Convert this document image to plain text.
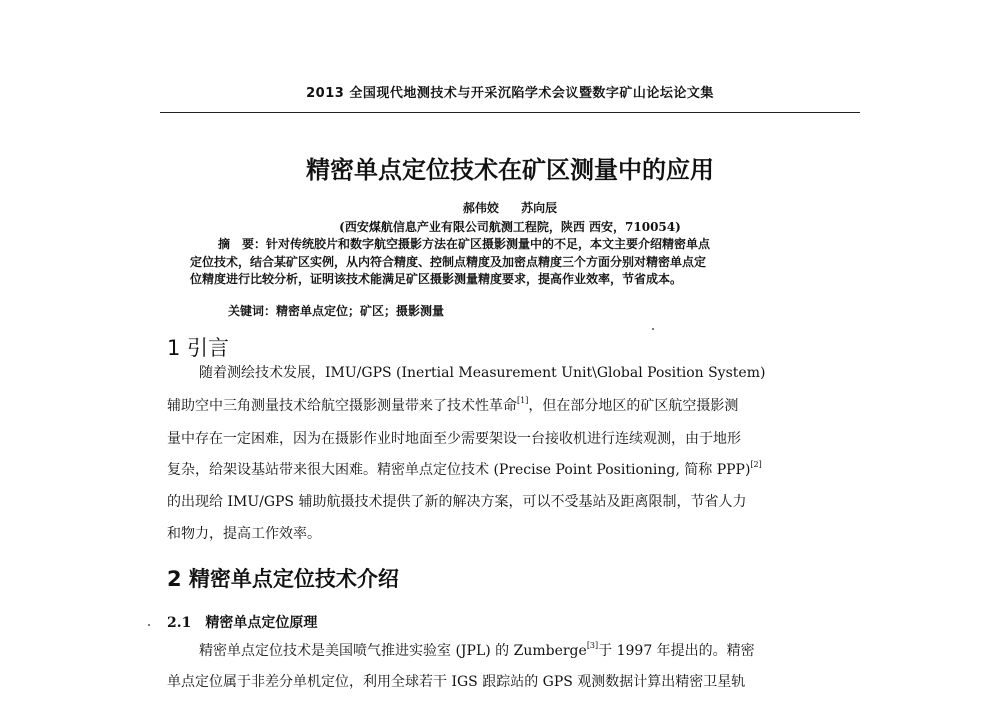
2013 全国现代地测技术与开采沉陷学术会议暨数字矿山论坛论文集
精密单点定位技术在矿区测量中的应用
郝伟姣 苏向辰
(西安煤航信息产业有限公司航测工程院，陕西 西安，710054)
摘　要：针对传统胶片和数字航空摄影方法在矿区摄影测量中的不足，本文主要介绍精密单点
定位技术，结合某矿区实例，从内符合精度、控制点精度及加密点精度三个方面分别对精密单点定
位精度进行比较分析，证明该技术能满足矿区摄影测量精度要求，提高作业效率，节省成本。
关键词：精密单点定位；矿区；摄影测量
1 引言
随着测绘技术发展，IMU/GPS (Inertial Measurement Unit\Global Position System)
辅助空中三角测量技术给航空摄影测量带来了技术性革命[1]，但在部分地区的矿区航空摄影测
量中存在一定困难，因为在摄影作业时地面至少需要架设一台接收机进行连续观测，由于地形
复杂，给架设基站带来很大困难。精密单点定位技术 (Precise Point Positioning, 简称 PPP)[2]
的出现给 IMU/GPS 辅助航摄技术提供了新的解决方案，可以不受基站及距离限制，节省人力
和物力，提高工作效率。
2 精密单点定位技术介绍
2.1　精密单点定位原理
精密单点定位技术是美国喷气推进实验室 (JPL) 的 Zumberge[3]于 1997 年提出的。精密
单点定位属于非差分单机定位，利用全球若干 IGS 跟踪站的 GPS 观测数据计算出精密卫星轨
